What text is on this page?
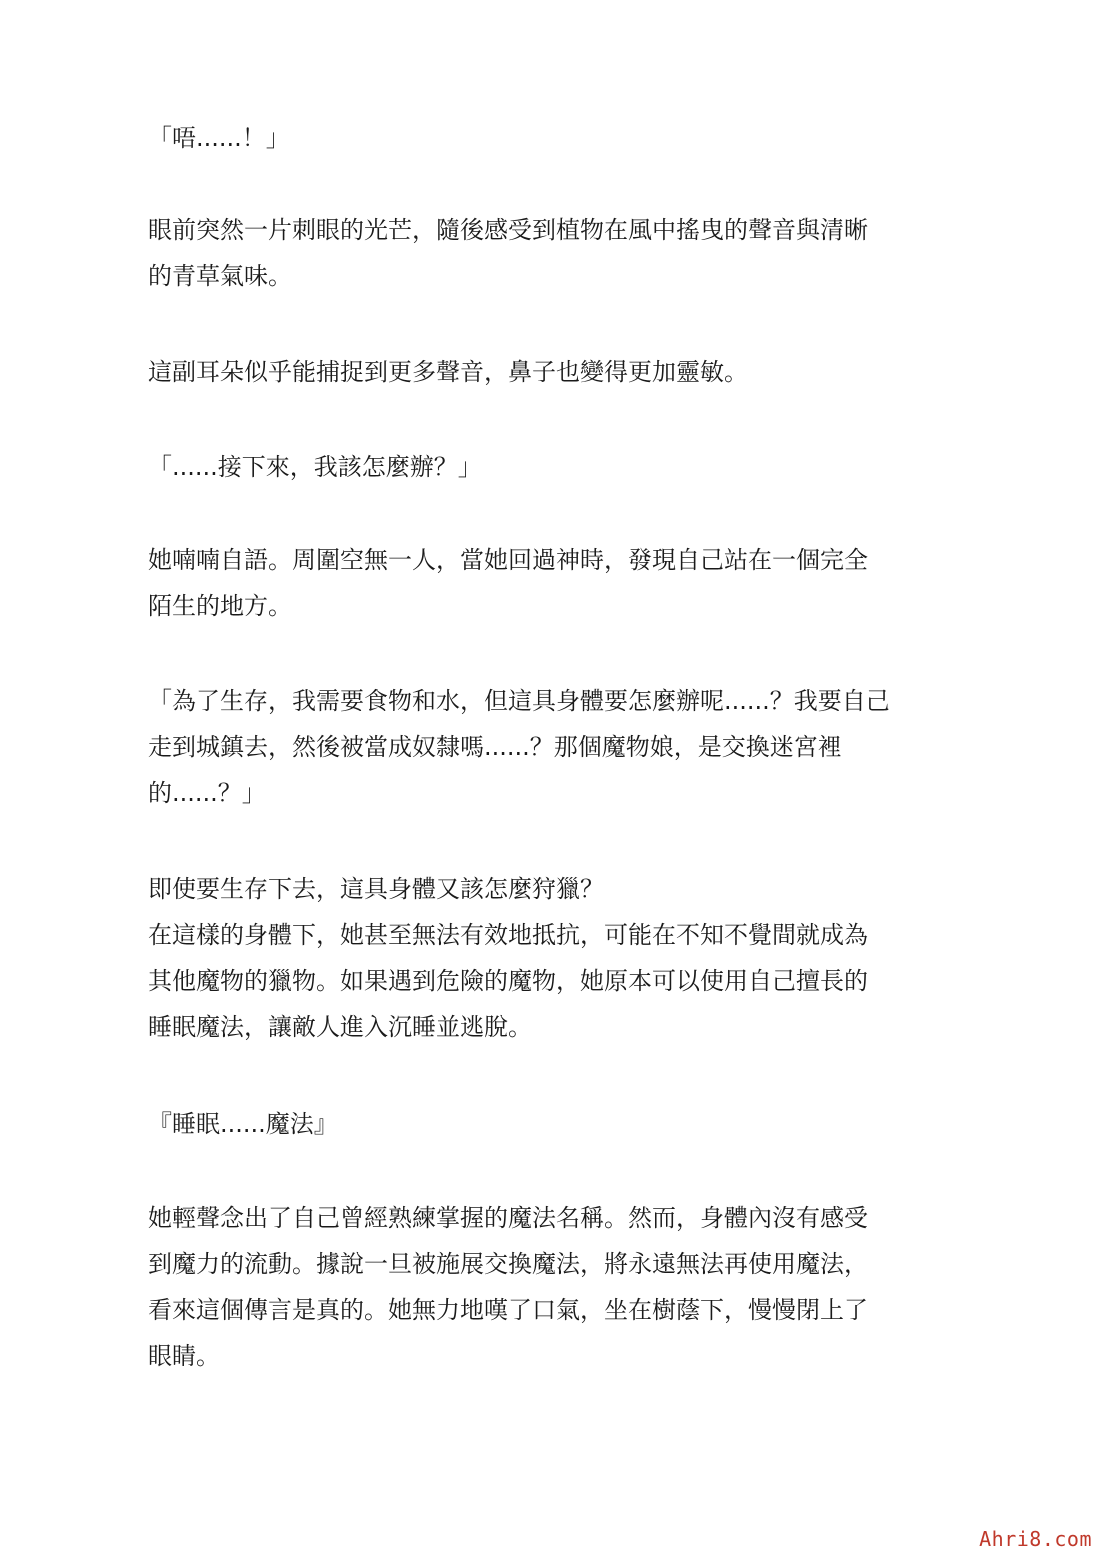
「唔......！」

眼前突然一片刺眼的光芒，隨後感受到植物在風中搖曳的聲音與清晰
的青草氣味。

這副耳朵似乎能捕捉到更多聲音，鼻子也變得更加靈敏。

「......接下來，我該怎麼辦？」

她喃喃自語。周圍空無一人，當她回過神時，發現自己站在一個完全
陌生的地方。

「為了生存，我需要食物和水，但這具身體要怎麼辦呢......？我要自己
走到城鎮去，然後被當成奴隸嗎......？那個魔物娘，是交換迷宮裡
的......？」

即使要生存下去，這具身體又該怎麼狩獵？
在這樣的身體下，她甚至無法有效地抵抗，可能在不知不覺間就成為
其他魔物的獵物。如果遇到危險的魔物，她原本可以使用自己擅長的
睡眠魔法，讓敵人進入沉睡並逃脫。

『睡眠......魔法』

她輕聲念出了自己曾經熟練掌握的魔法名稱。然而，身體內沒有感受
到魔力的流動。據說一旦被施展交換魔法，將永遠無法再使用魔法，
看來這個傳言是真的。她無力地嘆了口氣，坐在樹蔭下，慢慢閉上了
眼睛。

Ahri8.com
